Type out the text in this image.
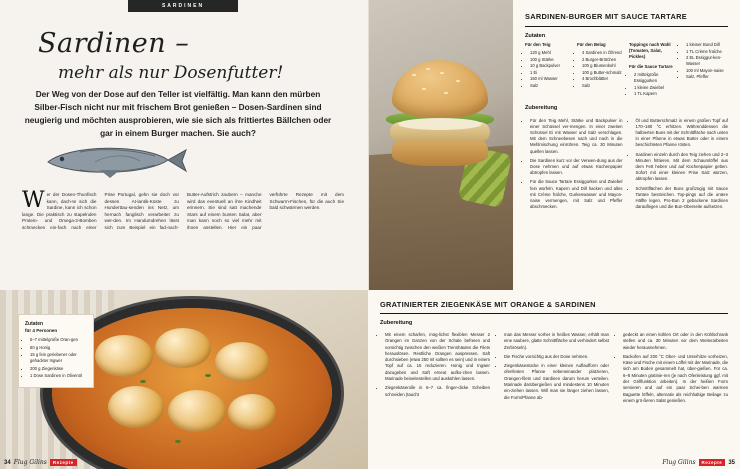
SARDINEN
Sardinen –
mehr als nur Dosenfutter!
Der Weg von der Dose auf den Teller ist vielfältig. Man kann den mürben Silber-Fisch nicht nur mit frischem Brot genießen – Dosen-Sardinen sind neugierig und möchten ausprobieren, wie sie sich als frittiertes Bällchen oder gar in einem Burger machen. Sie auch?
Wer der Dosen-Thunfisch kann, dach-te sich die Sardine, kann ich schon lange. Die praktisch zu stapelnden Protein- und Omega-3-Bomben schmecken ein-fach nach einer Prise Portugal, gehn sie doch vor dessen At-lantik-Küste zu Hunderttau-senden ins Netz, um hernach fanglisch verarbeitet zu wer-den. Im Handumdrehen lässt sich zum Beispiel ein fad-nach-Butter-Aufstrich zaubern – manche wird das eventuell an ihre Kindheit erinnern. Sie sind satt machende Stars auf einem bunten Salat, aber man kann noch so viel mehr mit ihnen anstellen. Hier ein paar verführte Rezepte mit dem Schwarm-Fischen, für die auch Sie bald schwärmen werden.
SARDINEN-BURGER MIT SAUCE TARTARE
Zutaten
Für den Teig
• 120 g Mehl
• 100 g Stärke
• 10 g Backpulver
• 1 Ei
• 150 ml Wasser
• Salz
Für den Belag
• 4 Sardinen in Öl/rend
• 2 Burger-Brötchen
• 100 g Blumenkohl
• 100 g Butter-schmalz
• 4 Brochblätter
• Salz
Toppings nach Wahl (Tomaten, Salat, Pickles)
Für die Sauce Tartare
• 2 mittelgroße Essiggurken
• 1 kleine Zwiebel
• 1 TL Kapern
• 1 kleiner Bund Dill
• 1 TL Crème fraîche
• 2 EL Essiggur-ken-Wasser
• 100 ml Mayon-naise
• Salz, Pfeffer
Zubereitung
• Für den Teig Mehl, Stärke und Backpulver in einer Schüssel ver-mengen. In einer zweiten Schüssel Ei mit Wasser und Salz verschlagen. Mit dem Schneebesen nach und nach in die Mehlmischung einrühren. Teig ca. 30 Minuten quellen lassen.
• Die Sardinen kurz vor der Verwen-dung aus der Dose nehmen und auf etwas Küchenpapier abtropfen lassen.
• Für die Sauce Tartare Essiggurken und Zwiebel fein würfeln. Kapern und Dill hacken und alles mit Crème fraîche, Gurkenwasser und Mayon-naise vermengen, mit Salz und Pfeffer abschmecken.
• Öl und Butterschmalz in einem großen Topf auf 170–180 °C erhitzen. Währenddessen die halbierten Buns mit der Schnittfläche nach unten in einer Pfanne in etwas Butter oder in einem beschichteten Pfanne rösten.
• Sardinen einzeln durch den Teig ziehen und 2–3 Minuten frittieren. Mit dem Schaumlöffel aus dem Fett heben und auf Küchenpapier geben. Sofort mit einer kleinen Prise Salz würzen, abtropfen lassen.
• Schnittflächen der Buns großzügig mit Sauce Tartare bestreichen. Top-pings auf die untere Hälfte legen, Pro-Bun 2 gebackene Sardinen darauflegen und die Bun-Oberseite aufsetzen.
Zutaten
für 4 Personen
• 5–7 mittelgroße Oran-gen
• 60 g Honig
• 15 g fein geriebener oder gehackter Ingwer
• 200 g Ziegenkäse
• 1 Dose Sardinen in Olivenöl
GRATINIERTER ZIEGENKÄSE MIT ORANGE & SARDINEN
Zubereitung
• Mit einem scharfen, mög-lichst flexiblen Messer 2 Orangen im Ganzen von der Schale befreien und vorsichtig zwischen den weißen Trennhäuten die Filets herauslösen. Restliche Orangen auspressen, Saft durchsieben (etwa 250 ml sollten es sein) und in einem Topf auf ca. 15 reduzieren. Honig und Ingwer dazugeben und Saft erneut aufko-chen lassen. Marinade beiseitestellen und auskühlen lassen.
• Ziegenkäserolle in 6–7 ca. finger-dicke Scheiben schneiden (taucht
• man das Messer vorher in heißes Wasser, erhält man eine saubere, glatte Schnittfläche und verhindert selbst Zerbröseln).
• Die Fische vorsichtig aus der Dose nehmen.
• Ziegenkäsestücke in einer kleinen Auflaufform oder ofenfesten Pfanne nebeneinander platzieren, Orangen-filets und Sardinen darum herum verteilen. Marinade darübergießen und mindestens 10 Minuten ein-ziehen lassen. Will man sie länger ziehen lassen, die Form/Pfanne ab-
• gedeckt an einen kühlen Ort oder in den Kühlschrank stellen und ca. 30 Minuten vor dem Weiterarbeiten wieder herausnehmen.
• Backofen auf 200 °C Ober- und Unterhitze vorheizen, Käse und Fische mit einem Löffel mit der Marinade, die sich am Boden gesammelt hat, über-gießen. Für ca. 6–8 Minuten gratinie-ren (je nach Ofenleistung ggf. mit der Grillfunktion arbeiten). In der heißen Form servieren und auf ein paar Schei-ben warmes Baguette löffeln, alternativ als reichhaltige Beilage zu einem grö-ßeren Salat genießen.
34 Flug Gilins	Rezepte	Flug Gilins	Rezepte	35
